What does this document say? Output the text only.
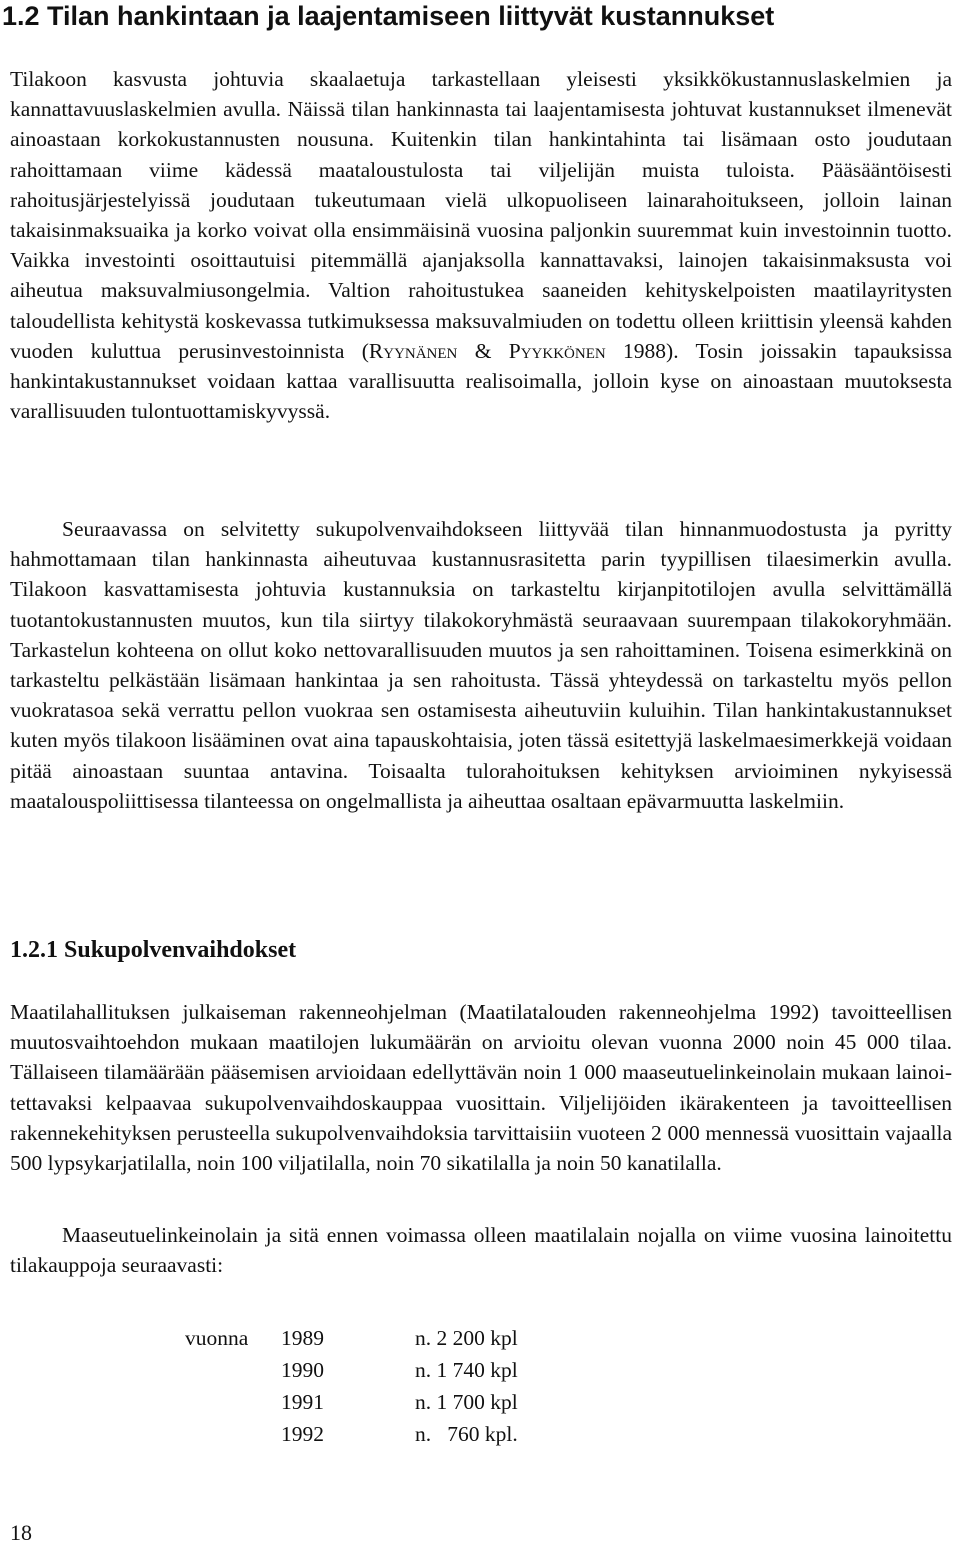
1.2 Tilan hankintaan ja laajentamiseen liittyvät kustannukset

Tilakoon kasvusta johtuvia skaalaetuja tarkastellaan yleisesti yksikkökustannuslaskelmien ja kannattavuuslaskelmien avulla. Näissä tilan hankinnasta tai laajentamisesta johtuvat kustannukset ilmenevät ainoastaan korkokustannusten nousuna. Kuitenkin tilan hankintahinta tai lisämaan osto joudutaan rahoittamaan viime kädessä maataloustulosta tai viljelijän muista tuloista. Pääsääntöisesti rahoitusjärjestelyissä joudutaan tukeutumaan vielä ulkopuoliseen lainarahoitukseen, jolloin lainan takaisinmaksuaika ja korko voivat olla ensimmäisinä vuosina paljonkin suuremmat kuin investoinnin tuotto. Vaikka investointi osoittautuisi pitemmällä ajanjaksolla kannattavaksi, lainojen takaisinmaksusta voi aiheutua maksuvalmiusongelmia. Valtion rahoitustukea saaneiden kehityskelpoisten maatilayritysten taloudellista kehitystä koskevassa tutkimuksessa maksuvalmiuden on todettu olleen kriittisin yleensä kahden vuoden kuluttua perusinvestoinnista (Ryynänen & Pyykkönen 1988). Tosin joissakin tapauksissa hankintakustannukset voidaan kattaa varallisuutta realisoimalla, jolloin kyse on ainoastaan muutoksesta varallisuuden tulontuottamiskyvyssä.

Seuraavassa on selvitetty sukupolvenvaihdokseen liittyvää tilan hinnanmuodostusta ja pyritty hahmottamaan tilan hankinnasta aiheutuvaa kustannusrasitetta parin tyypillisen tilaesimerkin avulla. Tilakoon kasvattamisesta johtuvia kustannuksia on tarkasteltu kirjanpitotilojen avulla selvittämällä tuotantokustannusten muutos, kun tila siirtyy tilakokoryhmästä seuraavaan suurempaan tilakokoryhmään. Tarkastelun kohteena on ollut koko nettovarallisuuden muutos ja sen rahoittaminen. Toisena esimerkkinä on tarkasteltu pelkästään lisämaan hankintaa ja sen rahoitusta. Tässä yhteydessä on tarkasteltu myös pellon vuokratasoa sekä verrattu pellon vuokraa sen ostamisesta aiheutuviin kuluihin. Tilan hankintakustannukset kuten myös tilakoon lisääminen ovat aina tapauskohtaisia, joten tässä esitettyjä laskelmaesimerkkejä voidaan pitää ainoastaan suuntaa antavina. Toisaalta tulorahoituksen kehityksen arvioiminen nykyisessä maatalouspoliittisessa tilanteessa on ongelmallista ja aiheuttaa osaltaan epävarmuutta laskelmiin.

1.2.1 Sukupolvenvaihdokset

Maatilahallituksen julkaiseman rakenneohjelman (Maatilatalouden rakenneohjelma 1992) tavoitteellisen muutosvaihtoehdon mukaan maatilojen lukumäärän on arvioitu olevan vuonna 2000 noin 45 000 tilaa. Tällaiseen tilamäärään pääsemisen arvioidaan edellyttävän noin 1 000 maaseutuelinkeinolain mukaan lainoi-tettavaksi kelpaavaa sukupolvenvaihdoskauppaa vuosittain. Viljelijöiden ikärakenteen ja tavoitteellisen rakennekehityksen perusteella sukupolvenvaihdoksia tarvittaisiin vuoteen 2 000 mennessä vuosittain vajaalla 500 lypsykarjatilalla, noin 100 viljatilalla, noin 70 sikatilalla ja noin 50 kanatilalla.

Maaseutuelinkeinolain ja sitä ennen voimassa olleen maatilalain nojalla on viime vuosina lainoitettu tilakauppoja seuraavasti:

vuonna	1989	n. 2 200 kpl
	1990	n. 1 740 kpl
	1991	n. 1 700 kpl
	1992	n.   760 kpl.
18
